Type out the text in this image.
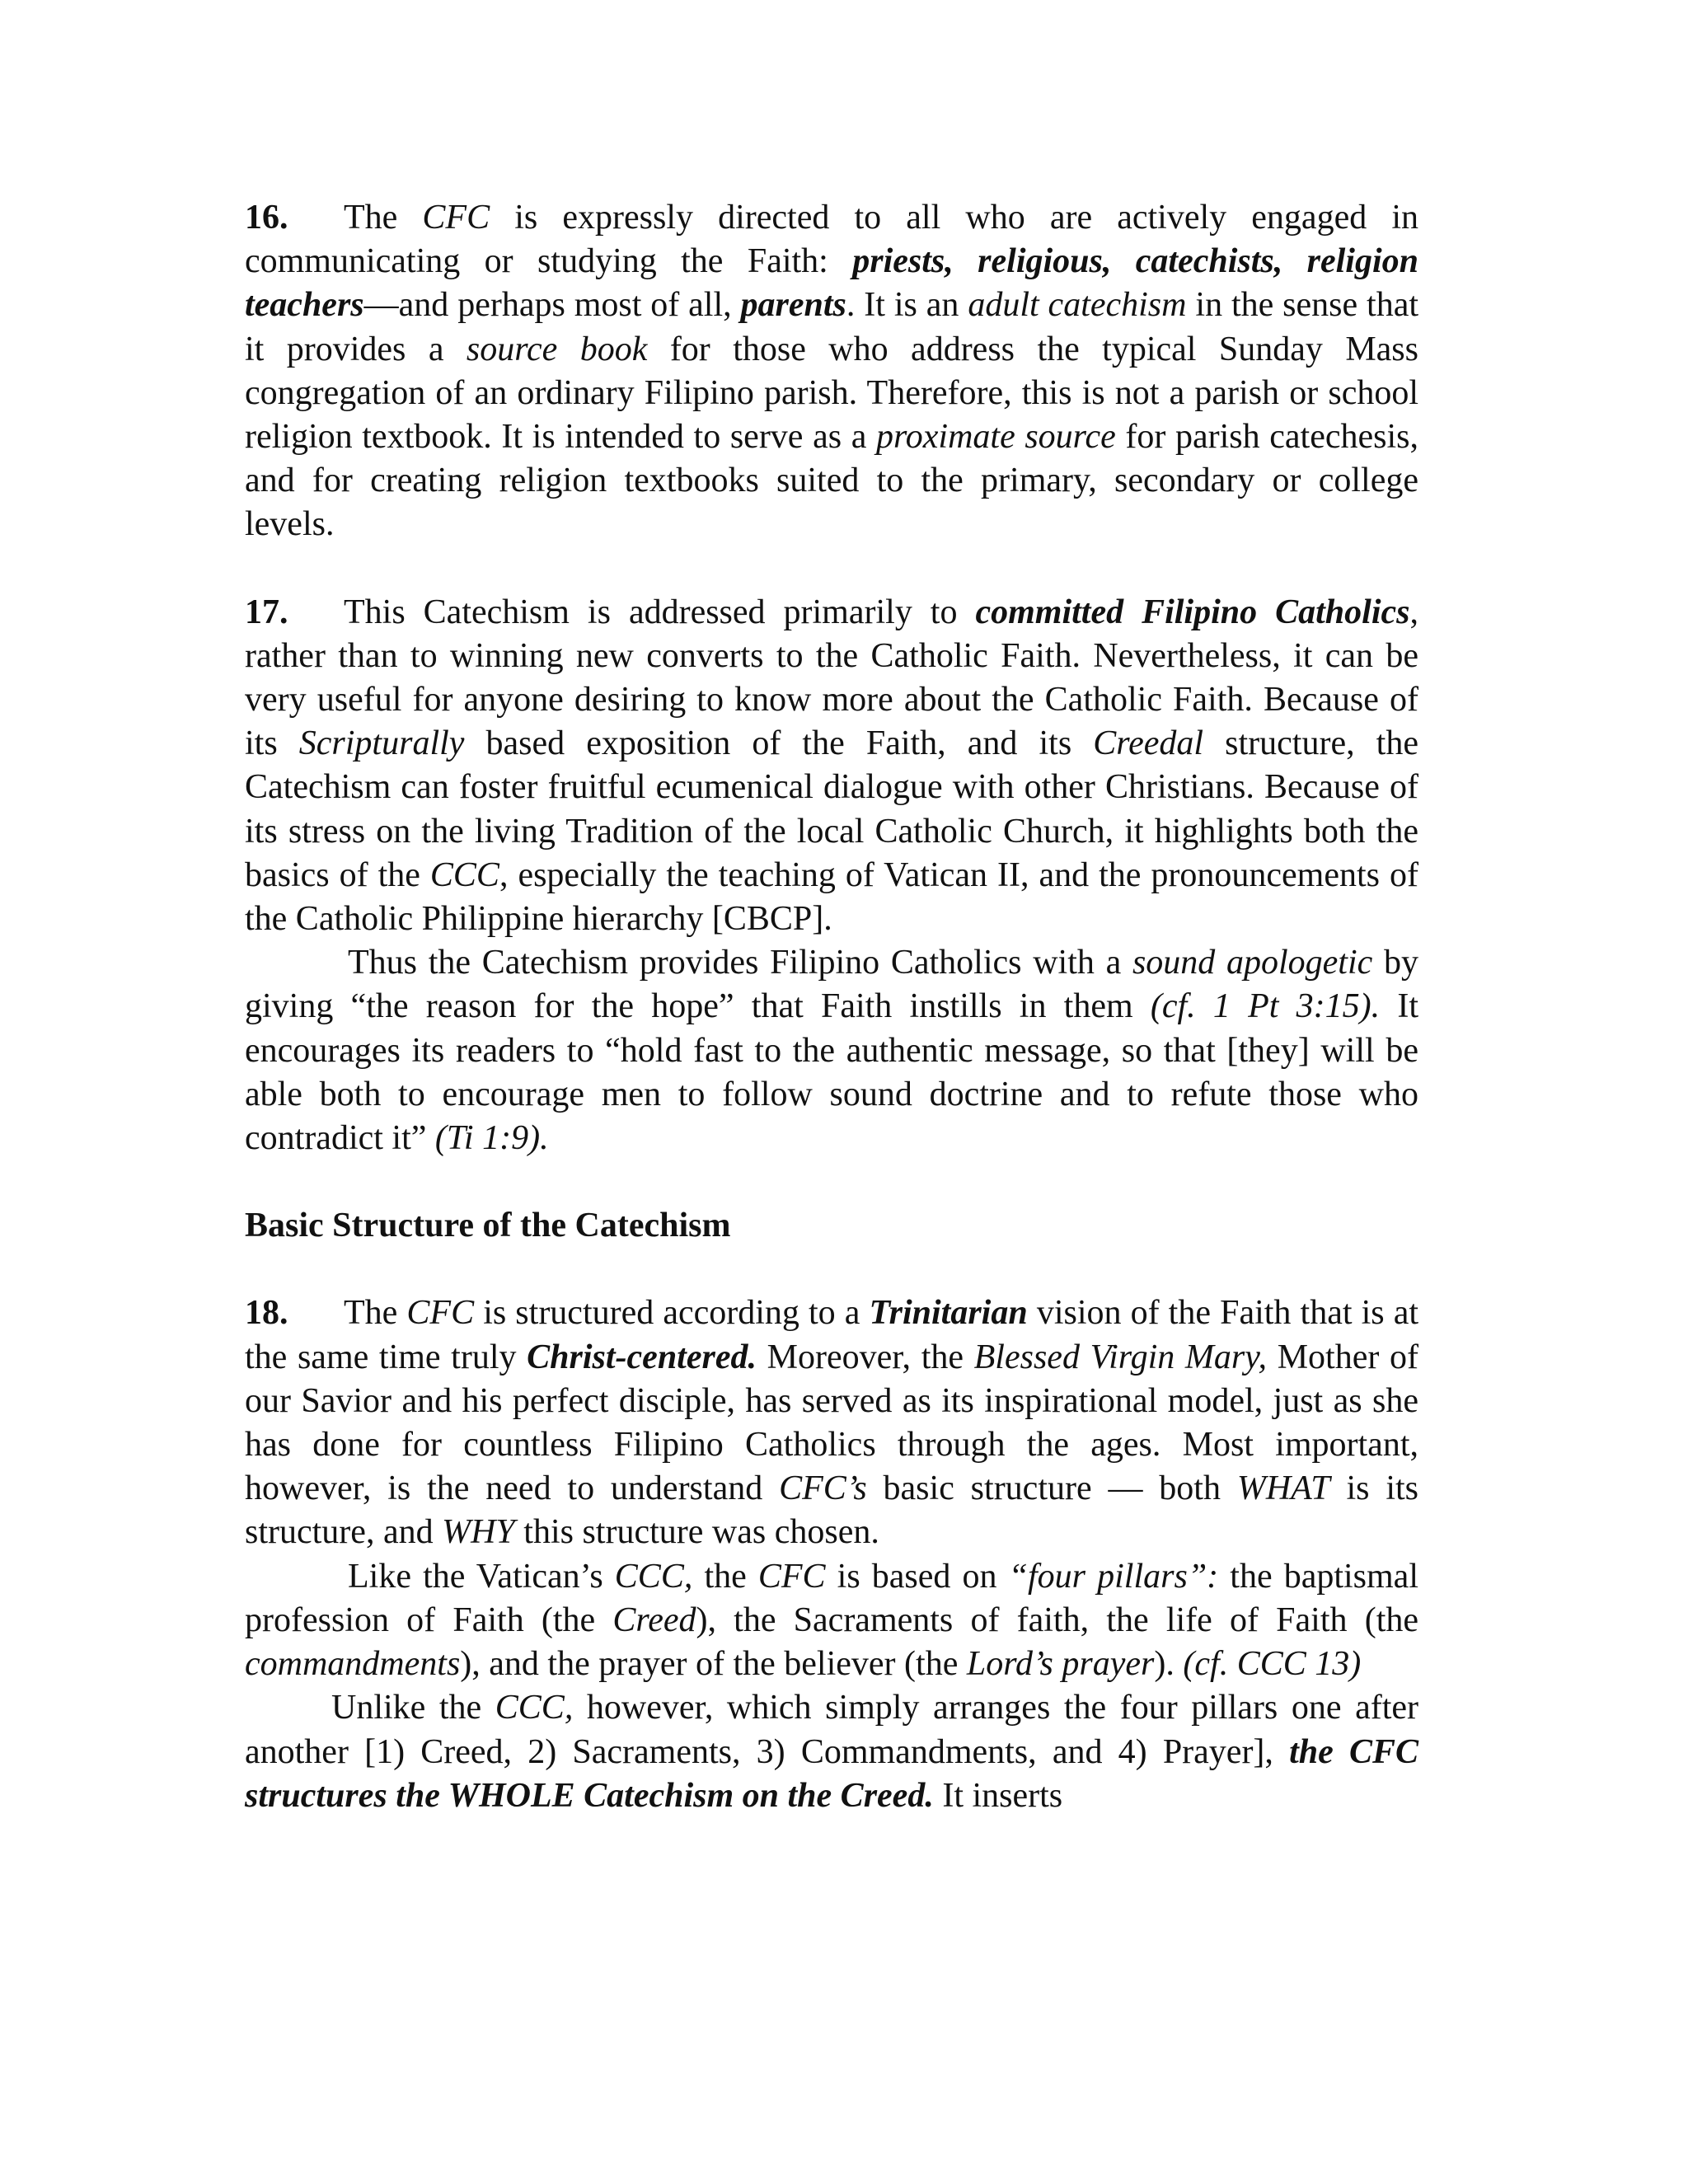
16. The CFC is expressly directed to all who are actively engaged in communicating or studying the Faith: priests, religious, catechists, religion teachers—and perhaps most of all, parents. It is an adult catechism in the sense that it provides a source book for those who address the typical Sunday Mass congregation of an ordinary Filipino parish. Therefore, this is not a parish or school religion textbook. It is intended to serve as a proximate source for parish catechesis, and for creating religion textbooks suited to the primary, secondary or college levels.

17. This Catechism is addressed primarily to committed Filipino Catholics, rather than to winning new converts to the Catholic Faith. Nevertheless, it can be very useful for anyone desiring to know more about the Catholic Faith. Because of its Scripturally based exposition of the Faith, and its Creedal structure, the Catechism can foster fruitful ecumenical dialogue with other Christians. Because of its stress on the living Tradition of the local Catholic Church, it highlights both the basics of the CCC, especially the teaching of Vatican II, and the pronouncements of the Catholic Philippine hierarchy [CBCP].

Thus the Catechism provides Filipino Catholics with a sound apologetic by giving “the reason for the hope” that Faith instills in them (cf. 1 Pt 3:15). It encourages its readers to “hold fast to the authentic message, so that [they] will be able both to encourage men to follow sound doctrine and to refute those who contradict it” (Ti 1:9).

Basic Structure of the Catechism

18. The CFC is structured according to a Trinitarian vision of the Faith that is at the same time truly Christ-centered. Moreover, the Blessed Virgin Mary, Mother of our Savior and his perfect disciple, has served as its inspirational model, just as she has done for countless Filipino Catholics through the ages. Most important, however, is the need to understand CFC’s basic structure — both WHAT is its structure, and WHY this structure was chosen.

Like the Vatican’s CCC, the CFC is based on “four pillars”: the baptismal profession of Faith (the Creed), the Sacraments of faith, the life of Faith (the commandments), and the prayer of the believer (the Lord’s prayer). (cf. CCC 13)

Unlike the CCC, however, which simply arranges the four pillars one after another [1) Creed, 2) Sacraments, 3) Commandments, and 4) Prayer], the CFC structures the WHOLE Catechism on the Creed. It inserts
